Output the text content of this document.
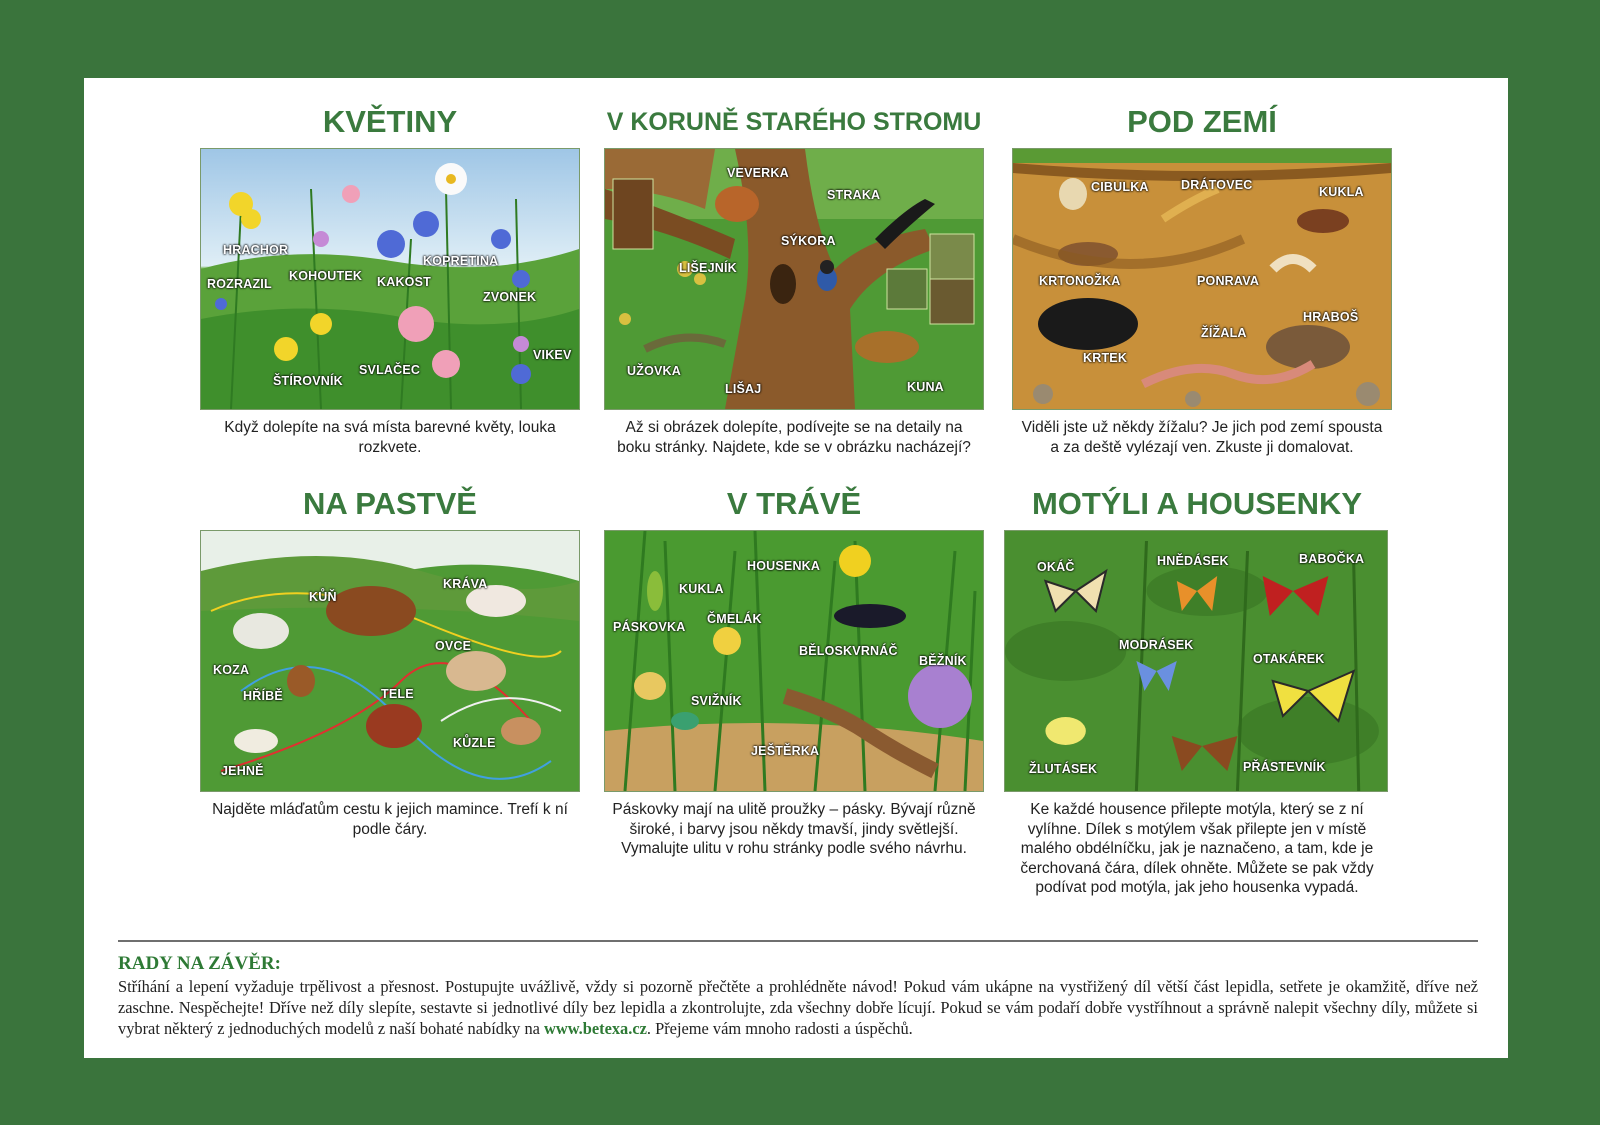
KVĚTINY
HRACHOR
ROZRAZIL
KOHOUTEK KAKOST
KOPRETINA
ZVONEK
VIKEV
ŠTÍROVNÍK
SVLAČEC

Když dolepíte na svá místa barevné květy, louka rozkvete.

V KORUNĚ STARÉHO STROMU
VEVERKA
STRAKA
SÝKORA
LIŠEJNÍK
UŽOVKA
LIŠAJ	KUNA

Až si obrázek dolepíte, podívejte se na detaily na boku stránky. Najdete, kde se v obrázku nacházejí?

POD ZEMÍ
CIBULKA	DRÁTOVEC	KUKLA
KRTONOŽKA	PONRAVA
HRABOŠ
ŽÍŽALA
KRTEK

Viděli jste už někdy žížalu? Je jich pod zemí spousta a za deště vylézají ven. Zkuste ji domalovat.

NA PASTVĚ
KŮŇ
KRÁVA
OVCE
KOZA
HŘÍBĚ	TELE
KŮZLE
JEHNĚ

Najděte mláďatům cestu k jejich mamince. Trefí k ní podle čáry.

V TRÁVĚ
HOUSENKA
KUKLA
PÁSKOVKA
ČMELÁK
BĚLOSKVRNÁČ
BĚŽNÍK
SVIŽNÍK
JEŠTĚRKA

Páskovky mají na ulitě proužky – pásky. Bývají různě široké, i barvy jsou někdy tmavší, jindy světlejší. Vymalujte ulitu v rohu stránky podle svého návrhu.

MOTÝLI A HOUSENKY
OKÁČ	HNĚDÁSEK	BABOČKA
MODRÁSEK
OTAKÁREK
ŽLUTÁSEK	PŘÁSTEVNÍK

Ke každé housence přilepte motýla, který se z ní vylíhne. Dílek s motýlem však přilepte jen v místě malého obdélníčku, jak je naznačeno, a tam, kde je čerchovaná čára, dílek ohněte. Můžete se pak vždy podívat pod motýla, jak jeho housenka vypadá.

RADY NA ZÁVĚR:

Stříhání a lepení vyžaduje trpělivost a přesnost. Postupujte uvážlivě, vždy si pozorně přečtěte a prohlédněte návod! Pokud vám ukápne na vystřižený díl větší část lepidla, setřete je okamžitě, dříve než zaschne. Nespěchejte! Dříve než díly slepíte, sestavte si jednotlivé díly bez lepidla a zkontrolujte, zda všechny dobře lícují. Pokud se vám podaří dobře vystříhnout a správně nalepit všechny díly, můžete si vybrat některý z jednoduchých modelů z naší bohaté nabídky na www.betexa.cz. Přejeme vám mnoho radosti a úspěchů.
